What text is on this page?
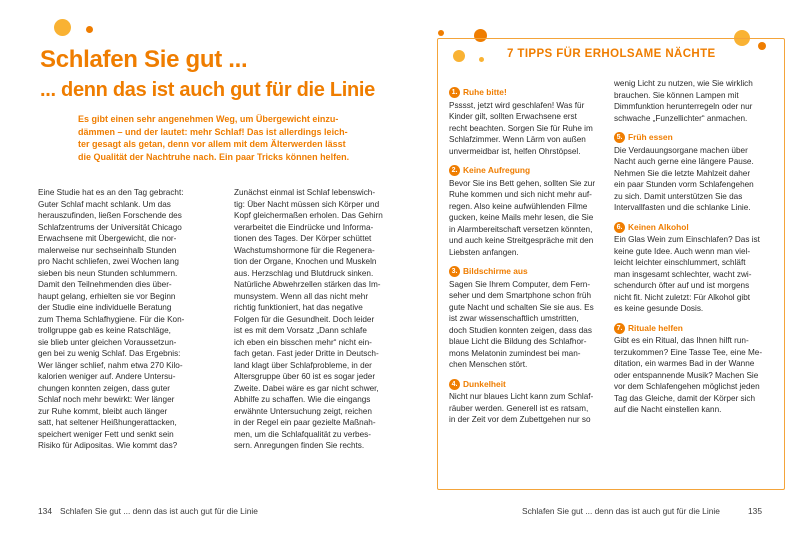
Schlafen Sie gut ...
... denn das ist auch gut für die Linie

Es gibt einen sehr angenehmen Weg, um Übergewicht einzu-

dämmen – und der lautet: mehr Schlaf! Das ist allerdings leich-

ter gesagt als getan, denn vor allem mit dem Älterwerden lässt

die Qualität der Nachtruhe nach. Ein paar Tricks können helfen.

Eine Studie hat es an den Tag gebracht:

Guter Schlaf macht schlank. Um das

herauszufinden, ließen Forschende des

Schlafzentrums der Universität Chicago

Erwachsene mit Übergewicht, die nor-

malerweise nur sechseinhalb Stunden

pro Nacht schliefen, zwei Wochen lang

sieben bis neun Stunden schlummern.

Damit den Teilnehmenden dies über-

haupt gelang, erhielten sie vor Beginn

der Studie eine individuelle Beratung

zum Thema Schlafhygiene. Für die Kon-

trollgruppe gab es keine Ratschläge,

sie blieb unter gleichen Voraussetzun-

gen bei zu wenig Schlaf. Das Ergebnis:

Wer länger schlief, nahm etwa 270 Kilo-

kalorien weniger auf. Andere Untersu-

chungen konnten zeigen, dass guter

Schlaf noch mehr bewirkt: Wer länger

zur Ruhe kommt, bleibt auch länger

satt, hat seltener Heißhungerattacken,

speichert weniger Fett und senkt sein

Risiko für Adipositas. Wie kommt das?

Zunächst einmal ist Schlaf lebenswich-

tig: Über Nacht müssen sich Körper und

Kopf gleichermaßen erholen. Das Gehirn

verarbeitet die Eindrücke und Informa-

tionen des Tages. Der Körper schüttet

Wachstumshormone für die Regenera-

tion der Organe, Knochen und Muskeln

aus. Herzschlag und Blutdruck sinken.

Natürliche Abwehrzellen stärken das Im-

munsystem. Wenn all das nicht mehr

richtig funktioniert, hat das negative

Folgen für die Gesundheit. Doch leider

ist es mit dem Vorsatz „Dann schlafe

ich eben ein bisschen mehr“ nicht ein-

fach getan. Fast jeder Dritte in Deutsch-

land klagt über Schlafprobleme, in der

Altersgruppe über 60 ist es sogar jeder

Zweite. Dabei wäre es gar nicht schwer,

Abhilfe zu schaffen. Wie die eingangs

erwähnte Untersuchung zeigt, reichen

in der Regel ein paar gezielte Maßnah-

men, um die Schlafqualität zu verbes-

sern. Anregungen finden Sie rechts.

7 TIPPS FÜR ERHOLSAME NÄCHTE
1. Ruhe bitte!

Psssst, jetzt wird geschlafen! Was für

Kinder gilt, sollten Erwachsene erst

recht beachten. Sorgen Sie für Ruhe im

Schlafzimmer. Wenn Lärm von außen

unvermeidbar ist, helfen Ohrstöpsel.

2. Keine Aufregung

Bevor Sie ins Bett gehen, sollten Sie zur

Ruhe kommen und sich nicht mehr auf-

regen. Also keine aufwühlenden Filme

gucken, keine Mails mehr lesen, die Sie

in Alarmbereitschaft versetzen könnten,

und auch keine Streitgespräche mit den

Liebsten anfangen.

3. Bildschirme aus

Sagen Sie Ihrem Computer, dem Fern-

seher und dem Smartphone schon früh

gute Nacht und schalten Sie sie aus. Es

ist zwar wissenschaftlich umstritten,

doch Studien konnten zeigen, dass das

blaue Licht die Bildung des Schlafhor-

mons Melatonin zumindest bei man-

chen Menschen stört.

4. Dunkelheit

Nicht nur blaues Licht kann zum Schlaf-

räuber werden. Generell ist es ratsam,

in der Zeit vor dem Zubettgehen nur so

wenig Licht zu nutzen, wie Sie wirklich

brauchen. Sie können Lampen mit

Dimmfunktion herunterregeln oder nur

schwache „Funzellichter“ anmachen.

5. Früh essen

Die Verdauungsorgane machen über

Nacht auch gerne eine längere Pause.

Nehmen Sie die letzte Mahlzeit daher

ein paar Stunden vorm Schlafengehen

zu sich. Damit unterstützen Sie das

Intervallfasten und die schlanke Linie.

6. Keinen Alkohol

Ein Glas Wein zum Einschlafen? Das ist

keine gute Idee. Auch wenn man viel-

leicht leichter einschlummert, schläft

man insgesamt schlechter, wacht zwi-

schendurch öfter auf und ist morgens

nicht fit. Nicht zuletzt: Für Alkohol gibt

es keine gesunde Dosis.

7. Rituale helfen

Gibt es ein Ritual, das Ihnen hilft run-

terzukommen? Eine Tasse Tee, eine Me-

ditation, ein warmes Bad in der Wanne

oder entspannende Musik? Machen Sie

vor dem Schlafengehen möglichst jeden

Tag das Gleiche, damit der Körper sich

auf die Nacht einstellen kann.

134 Schlafen Sie gut ... denn das ist auch gut für die Linie	Schlafen Sie gut ... denn das ist auch gut für die Linie	135
